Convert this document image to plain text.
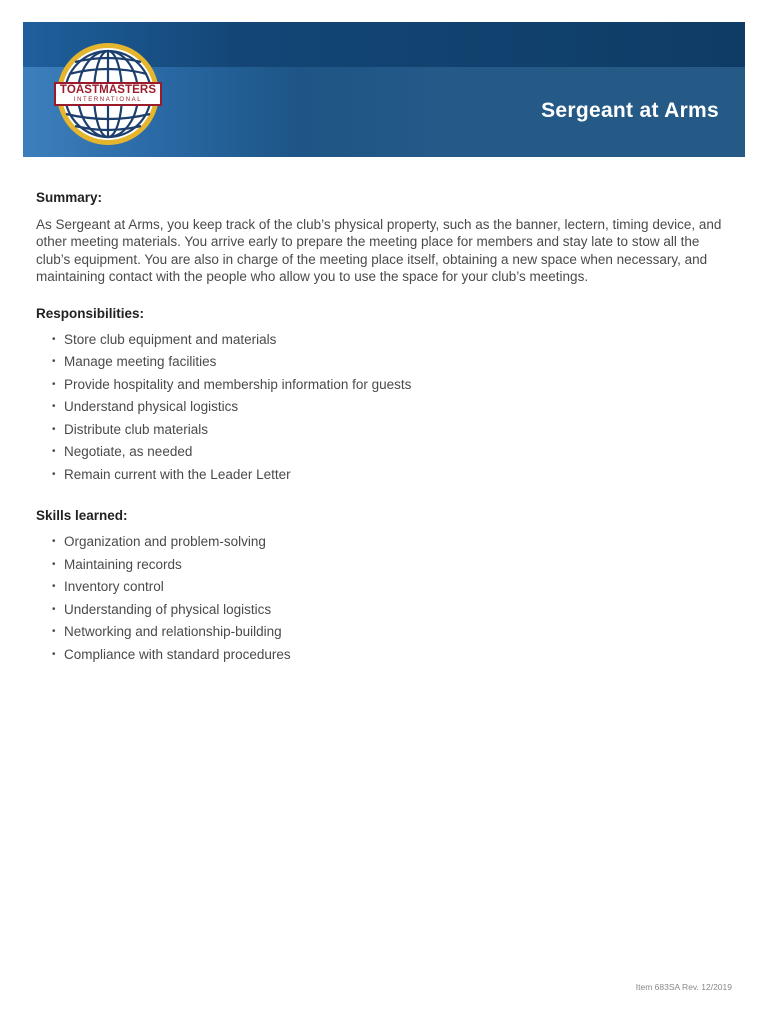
TOASTMASTERS
INTERNATIONAL	Sergeant at Arms
Summary:

As Sergeant at Arms, you keep track of the club’s physical property, such as the banner, lectern, timing device, and other meeting materials. You arrive early to prepare the meeting place for members and stay late to stow all the club’s equipment. You are also in charge of the meeting place itself, obtaining a new space when necessary, and maintaining contact with the people who allow you to use the space for your club’s meetings.

Responsibilities:
• Store club equipment and materials
• Manage meeting facilities
• Provide hospitality and membership information for guests
• Understand physical logistics
• Distribute club materials
• Negotiate, as needed
• Remain current with the Leader Letter
Skills learned:
• Organization and problem-solving
• Maintaining records
• Inventory control
• Understanding of physical logistics
• Networking and relationship-building
• Compliance with standard procedures
Item 683SA Rev. 12/2019
